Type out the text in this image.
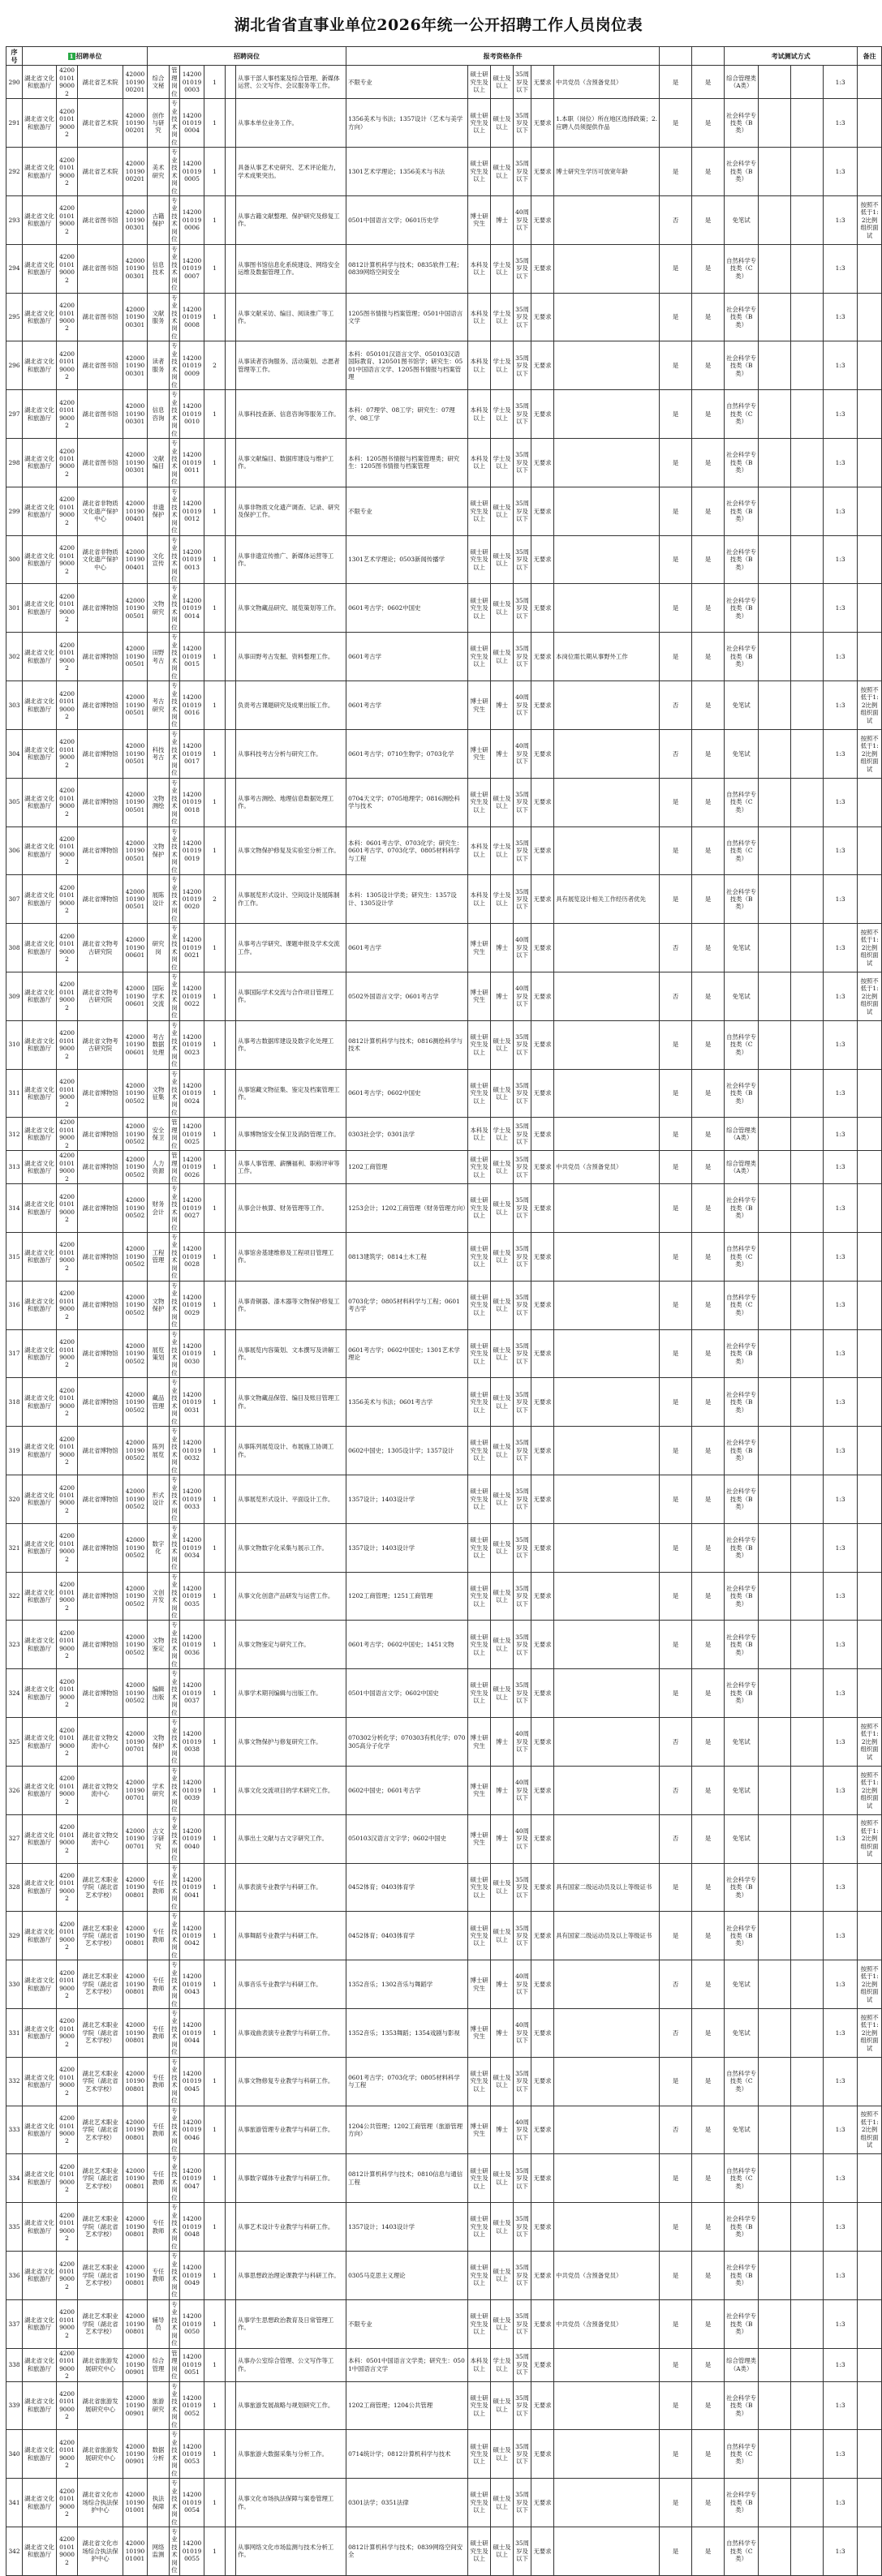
湖北省省直事业单位2026年统一公开招聘工作人员岗位表
序号	1 招聘单位				招聘岗位						报考资格条件								考试测试方式				备注
290	湖北省文化和旅游厅	4200010190002	湖北省艺术院	420001019000201	综合文秘	管理岗位	14200010190003	1		从事干部人事档案及综合管理、新媒体运营、公文写作、会议服务等工作。	不限专业	硕士研究生及以上	硕士及以上	35周岁及以下	无要求	中共党员（含预备党员）	是	是	综合管理类（A类）			1:3	
291	湖北省文化和旅游厅	4200010190002	湖北省艺术院	420001019000201	创作与研究	专业技术岗位	14200010190004	1		从事本单位业务工作。	1356美术与书法；1357设计（艺术与美学方向）	硕士研究生及以上	硕士及以上	35周岁及以下	无要求	1.本职（岗位）所在地区选择政策；2.应聘人员须提供作品	是	是	社会科学专技类（B类）			1:3	
292	湖北省文化和旅游厅	4200010190002	湖北省艺术院	420001019000201	美术研究	专业技术岗位	14200010190005	1		具备从事艺术史研究、艺术评论能力，学术成果突出。	1301艺术学理论；1356美术与书法	硕士研究生及以上	硕士及以上	35周岁及以下	无要求	博士研究生学历可放宽年龄	是	是	社会科学专技类（B类）			1:3	
293	湖北省文化和旅游厅	4200010190002	湖北省图书馆	420001019000301	古籍保护	专业技术岗位	14200010190006	1		从事古籍文献整理、保护研究及修复工作。	0501中国语言文学；0601历史学	博士研究生	博士	40周岁及以下	无要求		否	是	免笔试			1:3	按照不低于1:2比例组织面试
294	湖北省文化和旅游厅	4200010190002	湖北省图书馆	420001019000301	信息技术	专业技术岗位	14200010190007	1		从事图书馆信息化系统建设、网络安全运维及数据管理工作。	0812计算机科学与技术；0835软件工程；0839网络空间安全	本科及以上	学士及以上	35周岁及以下	无要求		是	是	自然科学专技类（C类）			1:3	
295	湖北省文化和旅游厅	4200010190002	湖北省图书馆	420001019000301	文献服务	专业技术岗位	14200010190008	1		从事文献采访、编目、阅读推广等工作。	1205图书情报与档案管理；0501中国语言文学	本科及以上	学士及以上	35周岁及以下	无要求		是	是	社会科学专技类（B类）			1:3	
296	湖北省文化和旅游厅	4200010190002	湖北省图书馆	420001019000301	读者服务	专业技术岗位	14200010190009	2		从事读者咨询服务、活动策划、志愿者管理等工作。	本科：050101汉语言文学、050103汉语国际教育、120501图书馆学；研究生：0501中国语言文学、1205图书情报与档案管理	本科及以上	学士及以上	35周岁及以下	无要求		是	是	社会科学专技类（B类）			1:3	
297	湖北省文化和旅游厅	4200010190002	湖北省图书馆	420001019000301	信息咨询	专业技术岗位	14200010190010	1		从事科技查新、信息咨询等服务工作。	本科：07理学、08工学；研究生：07理学、08工学	本科及以上	学士及以上	35周岁及以下	无要求		是	是	自然科学专技类（C类）			1:3	
298	湖北省文化和旅游厅	4200010190002	湖北省图书馆	420001019000301	文献编目	专业技术岗位	14200010190011	1		从事文献编目、数据库建设与维护工作。	本科：1205图书情报与档案管理类；研究生：1205图书情报与档案管理	本科及以上	学士及以上	35周岁及以下	无要求		是	是	社会科学专技类（B类）			1:3	
299	湖北省文化和旅游厅	4200010190002	湖北省非物质文化遗产保护中心	420001019000401	非遗保护	专业技术岗位	14200010190012	1		从事非物质文化遗产调查、记录、研究及保护工作。	不限专业	硕士研究生及以上	硕士及以上	35周岁及以下	无要求		是	是	社会科学专技类（B类）			1:3	
300	湖北省文化和旅游厅	4200010190002	湖北省非物质文化遗产保护中心	420001019000401	文化宣传	专业技术岗位	14200010190013	1		从事非遗宣传推广、新媒体运营等工作。	1301艺术学理论；0503新闻传播学	硕士研究生及以上	硕士及以上	35周岁及以下	无要求		是	是	社会科学专技类（B类）			1:3	
301	湖北省文化和旅游厅	4200010190002	湖北省博物馆	420001019000501	文物研究	专业技术岗位	14200010190014	1		从事文物藏品研究、展览策划等工作。	0601考古学；0602中国史	硕士研究生及以上	硕士及以上	35周岁及以下	无要求		是	是	社会科学专技类（B类）			1:3	
302	湖北省文化和旅游厅	4200010190002	湖北省博物馆	420001019000501	田野考古	专业技术岗位	14200010190015	1		从事田野考古发掘、资料整理工作。	0601考古学	硕士研究生及以上	硕士及以上	35周岁及以下	无要求	本岗位需长期从事野外工作	是	是	社会科学专技类（B类）			1:3	
303	湖北省文化和旅游厅	4200010190002	湖北省博物馆	420001019000501	考古研究	专业技术岗位	14200010190016	1		负责考古课题研究及成果出版工作。	0601考古学	博士研究生	博士	40周岁及以下	无要求		否	是	免笔试			1:3	按照不低于1:2比例组织面试
304	湖北省文化和旅游厅	4200010190002	湖北省博物馆	420001019000501	科技考古	专业技术岗位	14200010190017	1		从事科技考古分析与研究工作。	0601考古学；0710生物学；0703化学	博士研究生	博士	40周岁及以下	无要求		否	是	免笔试			1:3	按照不低于1:2比例组织面试
305	湖北省文化和旅游厅	4200010190002	湖北省博物馆	420001019000501	文物测绘	专业技术岗位	14200010190018	1		从事考古测绘、地理信息数据处理工作。	0704天文学；0705地理学；0816测绘科学与技术	硕士研究生及以上	硕士及以上	35周岁及以下	无要求		是	是	自然科学专技类（C类）			1:3	
306	湖北省文化和旅游厅	4200010190002	湖北省博物馆	420001019000501	文物保护	专业技术岗位	14200010190019	1		从事文物保护修复及实验室分析工作。	本科：0601考古学、0703化学；研究生：0601考古学、0703化学、0805材料科学与工程	本科及以上	学士及以上	35周岁及以下	无要求		是	是	自然科学专技类（C类）			1:3	
307	湖北省文化和旅游厅	4200010190002	湖北省博物馆	420001019000501	展陈设计	专业技术岗位	14200010190020	2		从事展览形式设计、空间设计及展陈制作工作。	本科：1305设计学类；研究生：1357设计、1305设计学	本科及以上	学士及以上	35周岁及以下	无要求	具有展览设计相关工作经历者优先	是	是	社会科学专技类（B类）			1:3	
308	湖北省文化和旅游厅	4200010190002	湖北省文物考古研究院	420001019000601	研究岗	专业技术岗位	14200010190021	1		从事考古学研究、课题申报及学术交流工作。	0601考古学	博士研究生	博士	40周岁及以下	无要求		否	是	免笔试			1:3	按照不低于1:2比例组织面试
309	湖北省文化和旅游厅	4200010190002	湖北省文物考古研究院	420001019000601	国际学术交流	专业技术岗位	14200010190022	1		从事国际学术交流与合作项目管理工作。	0502外国语言文学；0601考古学	博士研究生	博士	40周岁及以下	无要求		否	是	免笔试			1:3	按照不低于1:2比例组织面试
310	湖北省文化和旅游厅	4200010190002	湖北省文物考古研究院	420001019000601	考古数据处理	专业技术岗位	14200010190023	1		从事考古数据库建设及数字化处理工作。	0812计算机科学与技术；0816测绘科学与技术	硕士研究生及以上	硕士及以上	35周岁及以下	无要求		是	是	自然科学专技类（C类）			1:3	
311	湖北省文化和旅游厅	4200010190002	湖北省博物馆	420001019000502	文物征集	专业技术岗位	14200010190024	1		从事馆藏文物征集、鉴定及档案管理工作。	0601考古学；0602中国史	硕士研究生及以上	硕士及以上	35周岁及以下	无要求		是	是	社会科学专技类（B类）			1:3	
312	湖北省文化和旅游厅	4200010190002	湖北省博物馆	420001019000502	安全保卫	管理岗位	14200010190025	1		从事博物馆安全保卫及消防管理工作。	0303社会学；0301法学	本科及以上	学士及以上	35周岁及以下	无要求		是	是	综合管理类（A类）			1:3	
313	湖北省文化和旅游厅	4200010190002	湖北省博物馆	420001019000502	人力资源	管理岗位	14200010190026	1		从事人事管理、薪酬福利、职称评审等工作。	1202工商管理	硕士研究生及以上	硕士及以上	35周岁及以下	无要求	中共党员（含预备党员）	是	是	综合管理类（A类）			1:3	
314	湖北省文化和旅游厅	4200010190002	湖北省博物馆	420001019000502	财务会计	专业技术岗位	14200010190027	1		从事会计核算、财务管理等工作。	1253会计；1202工商管理（财务管理方向）	硕士研究生及以上	硕士及以上	35周岁及以下	无要求		是	是	社会科学专技类（B类）			1:3	
315	湖北省文化和旅游厅	4200010190002	湖北省博物馆	420001019000502	工程管理	专业技术岗位	14200010190028	1		从事馆舍基建维修及工程项目管理工作。	0813建筑学；0814土木工程	硕士研究生及以上	硕士及以上	35周岁及以下	无要求		是	是	自然科学专技类（C类）			1:3	
316	湖北省文化和旅游厅	4200010190002	湖北省博物馆	420001019000502	文物保护	专业技术岗位	14200010190029	1		从事青铜器、漆木器等文物保护修复工作。	0703化学；0805材料科学与工程；0601考古学	硕士研究生及以上	硕士及以上	35周岁及以下	无要求		是	是	自然科学专技类（C类）			1:3	
317	湖北省文化和旅游厅	4200010190002	湖北省博物馆	420001019000502	展览策划	专业技术岗位	14200010190030	1		从事展览内容策划、文本撰写及讲解工作。	0601考古学；0602中国史；1301艺术学理论	硕士研究生及以上	硕士及以上	35周岁及以下	无要求		是	是	社会科学专技类（B类）			1:3	
318	湖北省文化和旅游厅	4200010190002	湖北省博物馆	420001019000502	藏品管理	专业技术岗位	14200010190031	1		从事文物藏品保管、编目及账目管理工作。	1356美术与书法；0601考古学	硕士研究生及以上	硕士及以上	35周岁及以下	无要求		是	是	社会科学专技类（B类）			1:3	
319	湖北省文化和旅游厅	4200010190002	湖北省博物馆	420001019000502	陈列展览	专业技术岗位	14200010190032	1		从事陈列展览设计、布展施工协调工作。	0602中国史；1305设计学；1357设计	硕士研究生及以上	硕士及以上	35周岁及以下	无要求		是	是	社会科学专技类（B类）			1:3	
320	湖北省文化和旅游厅	4200010190002	湖北省博物馆	420001019000502	形式设计	专业技术岗位	14200010190033	1		从事展览形式设计、平面设计工作。	1357设计；1403设计学	硕士研究生及以上	硕士及以上	35周岁及以下	无要求		是	是	社会科学专技类（B类）			1:3	
321	湖北省文化和旅游厅	4200010190002	湖北省博物馆	420001019000502	数字化	专业技术岗位	14200010190034	1		从事文物数字化采集与展示工作。	1357设计；1403设计学	硕士研究生及以上	硕士及以上	35周岁及以下	无要求		是	是	社会科学专技类（B类）			1:3	
322	湖北省文化和旅游厅	4200010190002	湖北省博物馆	420001019000502	文创开发	专业技术岗位	14200010190035	1		从事文化创意产品研发与运营工作。	1202工商管理；1251工商管理	硕士研究生及以上	硕士及以上	35周岁及以下	无要求		是	是	社会科学专技类（B类）			1:3	
323	湖北省文化和旅游厅	4200010190002	湖北省博物馆	420001019000502	文物鉴定	专业技术岗位	14200010190036	1		从事文物鉴定与研究工作。	0601考古学；0602中国史；1451文物	硕士研究生及以上	硕士及以上	35周岁及以下	无要求		是	是	社会科学专技类（B类）			1:3	
324	湖北省文化和旅游厅	4200010190002	湖北省博物馆	420001019000502	编辑出版	专业技术岗位	14200010190037	1		从事学术期刊编辑与出版工作。	0501中国语言文学；0602中国史	硕士研究生及以上	硕士及以上	35周岁及以下	无要求		是	是	社会科学专技类（B类）			1:3	
325	湖北省文化和旅游厅	4200010190002	湖北省文物交流中心	420001019000701	文物保护	专业技术岗位	14200010190038	1		从事文物保护与修复研究工作。	070302分析化学；070303有机化学；070305高分子化学	博士研究生	博士	40周岁及以下	无要求		否	是	免笔试			1:3	按照不低于1:2比例组织面试
326	湖北省文化和旅游厅	4200010190002	湖北省文物交流中心	420001019000701	学术研究	专业技术岗位	14200010190039	1		从事文化交流项目的学术研究工作。	0602中国史；0601考古学	博士研究生	博士	40周岁及以下	无要求		否	是	免笔试			1:3	按照不低于1:2比例组织面试
327	湖北省文化和旅游厅	4200010190002	湖北省文物交流中心	420001019000701	古文字研究	专业技术岗位	14200010190040	1		从事出土文献与古文字研究工作。	050103汉语言文字学；0602中国史	博士研究生	博士	40周岁及以下	无要求		否	是	免笔试			1:3	按照不低于1:2比例组织面试
328	湖北省文化和旅游厅	4200010190002	湖北艺术职业学院（湖北省艺术学校）	420001019000801	专任教师	专业技术岗位	14200010190041	1		从事表演专业教学与科研工作。	0452体育；0403体育学	硕士研究生及以上	硕士及以上	35周岁及以下	无要求	具有国家二级运动员及以上等级证书	是	是	社会科学专技类（B类）			1:3	
329	湖北省文化和旅游厅	4200010190002	湖北艺术职业学院（湖北省艺术学校）	420001019000801	专任教师	专业技术岗位	14200010190042	1		从事舞蹈专业教学与科研工作。	0452体育；0403体育学	硕士研究生及以上	硕士及以上	35周岁及以下	无要求	具有国家二级运动员及以上等级证书	是	是	社会科学专技类（B类）			1:3	
330	湖北省文化和旅游厅	4200010190002	湖北艺术职业学院（湖北省艺术学校）	420001019000801	专任教师	专业技术岗位	14200010190043	1		从事音乐专业教学与科研工作。	1352音乐；1302音乐与舞蹈学	博士研究生	博士	40周岁及以下	无要求		否	是	免笔试			1:3	按照不低于1:2比例组织面试
331	湖北省文化和旅游厅	4200010190002	湖北艺术职业学院（湖北省艺术学校）	420001019000801	专任教师	专业技术岗位	14200010190044	1		从事戏曲表演专业教学与科研工作。	1352音乐；1353舞蹈；1354戏剧与影视	博士研究生	博士	40周岁及以下	无要求		否	是	免笔试			1:3	按照不低于1:2比例组织面试
332	湖北省文化和旅游厅	4200010190002	湖北艺术职业学院（湖北省艺术学校）	420001019000801	专任教师	专业技术岗位	14200010190045	1		从事文物修复专业教学与科研工作。	0601考古学；0703化学；0805材料科学与工程	硕士研究生及以上	硕士及以上	35周岁及以下	无要求		是	是	自然科学专技类（C类）			1:3	
333	湖北省文化和旅游厅	4200010190002	湖北艺术职业学院（湖北省艺术学校）	420001019000801	专任教师	专业技术岗位	14200010190046	1		从事旅游管理专业教学与科研工作。	1204公共管理；1202工商管理（旅游管理方向）	博士研究生	博士	40周岁及以下	无要求		否	是	免笔试			1:3	按照不低于1:2比例组织面试
334	湖北省文化和旅游厅	4200010190002	湖北艺术职业学院（湖北省艺术学校）	420001019000801	专任教师	专业技术岗位	14200010190047	1		从事数字媒体专业教学与科研工作。	0812计算机科学与技术；0810信息与通信工程	硕士研究生及以上	硕士及以上	35周岁及以下	无要求		是	是	自然科学专技类（C类）			1:3	
335	湖北省文化和旅游厅	4200010190002	湖北艺术职业学院（湖北省艺术学校）	420001019000801	专任教师	专业技术岗位	14200010190048	1		从事艺术设计专业教学与科研工作。	1357设计；1403设计学	硕士研究生及以上	硕士及以上	35周岁及以下	无要求		是	是	社会科学专技类（B类）			1:3	
336	湖北省文化和旅游厅	4200010190002	湖北艺术职业学院（湖北省艺术学校）	420001019000801	专任教师	专业技术岗位	14200010190049	1		从事思想政治理论课教学与科研工作。	0305马克思主义理论	硕士研究生及以上	硕士及以上	35周岁及以下	无要求	中共党员（含预备党员）	是	是	社会科学专技类（B类）			1:3	
337	湖北省文化和旅游厅	4200010190002	湖北艺术职业学院（湖北省艺术学校）	420001019000801	辅导员	专业技术岗位	14200010190050	1		从事学生思想政治教育及日常管理工作。	不限专业	硕士研究生及以上	硕士及以上	35周岁及以下	无要求	中共党员（含预备党员）	是	是	社会科学专技类（B类）			1:3	
338	湖北省文化和旅游厅	4200010190002	湖北省旅游发展研究中心	420001019000901	综合管理	管理岗位	14200010190051	1		从事办公室综合管理、公文写作等工作。	本科：0501中国语言文学类；研究生：0501中国语言文学	本科及以上	学士及以上	35周岁及以下	无要求		是	是	综合管理类（A类）			1:3	
339	湖北省文化和旅游厅	4200010190002	湖北省旅游发展研究中心	420001019000901	旅游研究	专业技术岗位	14200010190052	1		从事旅游发展战略与规划研究工作。	1202工商管理；1204公共管理	硕士研究生及以上	硕士及以上	35周岁及以下	无要求		是	是	社会科学专技类（B类）			1:3	
340	湖北省文化和旅游厅	4200010190002	湖北省旅游发展研究中心	420001019000901	数据分析	专业技术岗位	14200010190053	1		从事旅游大数据采集与分析工作。	0714统计学；0812计算机科学与技术	硕士研究生及以上	硕士及以上	35周岁及以下	无要求		是	是	自然科学专技类（C类）			1:3	
341	湖北省文化和旅游厅	4200010190002	湖北省文化市场综合执法保护中心	420001019001001	执法保障	专业技术岗位	14200010190054	1		从事文化市场执法保障与案卷管理工作。	0301法学；0351法律	硕士研究生及以上	硕士及以上	35周岁及以下	无要求		是	是	社会科学专技类（B类）			1:3	
342	湖北省文化和旅游厅	4200010190002	湖北省文化市场综合执法保护中心	420001019001001	网络监测	专业技术岗位	14200010190055	1		从事网络文化市场监测与技术分析工作。	0812计算机科学与技术；0839网络空间安全	硕士研究生及以上	硕士及以上	35周岁及以下	无要求		是	是	自然科学专技类（C类）			1:3	
